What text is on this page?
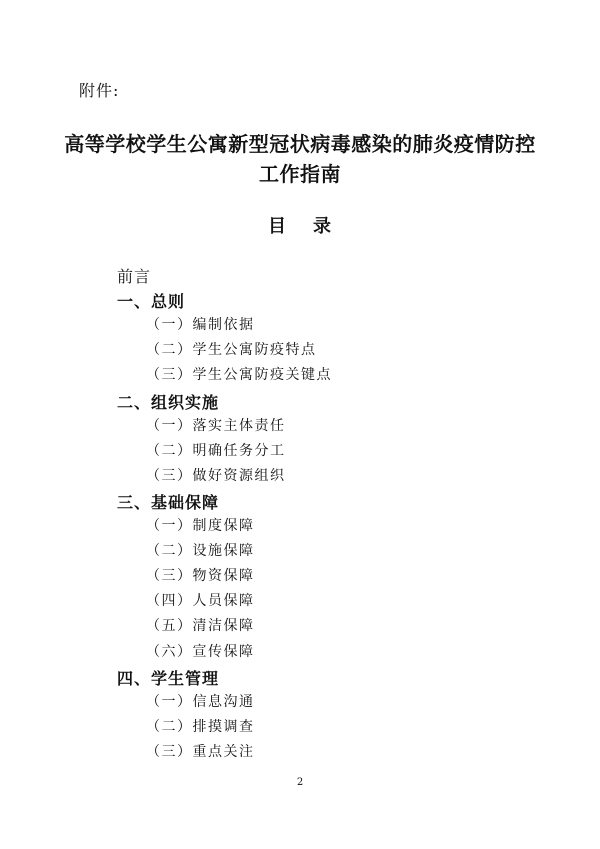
附件:
高等学校学生公寓新型冠状病毒感染的肺炎疫情防控
工作指南
目 录
前言
一、总则
（一）编制依据
（二）学生公寓防疫特点
（三）学生公寓防疫关键点
二、组织实施
（一）落实主体责任
（二）明确任务分工
（三）做好资源组织
三、基础保障
（一）制度保障
（二）设施保障
（三）物资保障
（四）人员保障
（五）清洁保障
（六）宣传保障
四、学生管理
（一）信息沟通
（二）排摸调查
（三）重点关注
2
